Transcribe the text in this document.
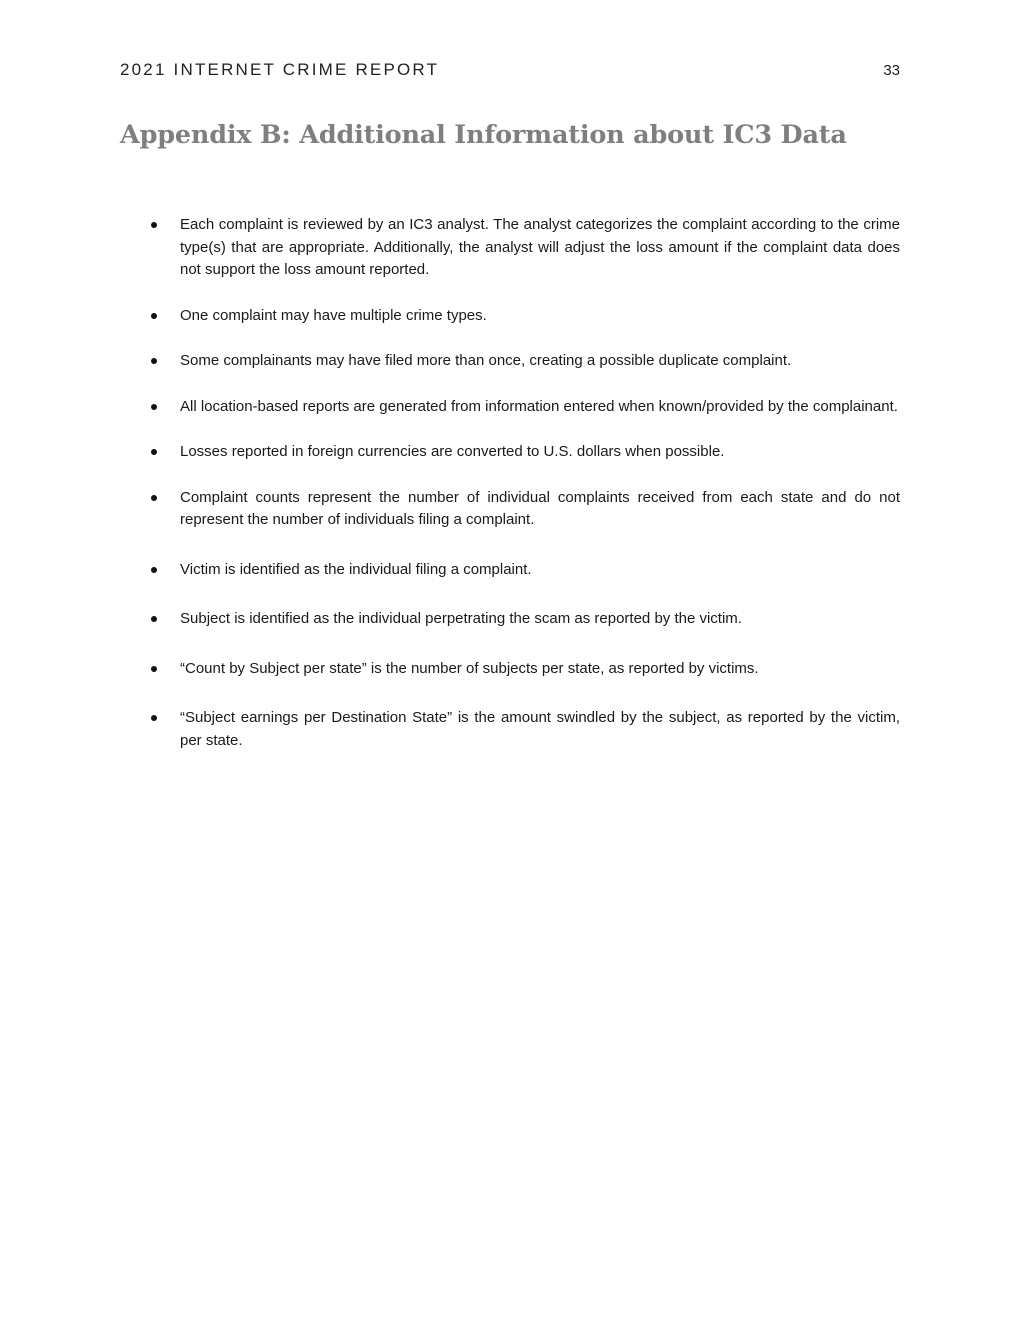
2021 INTERNET CRIME REPORT	33
Appendix B: Additional Information about IC3 Data
Each complaint is reviewed by an IC3 analyst. The analyst categorizes the complaint according to the crime type(s) that are appropriate. Additionally, the analyst will adjust the loss amount if the complaint data does not support the loss amount reported.
One complaint may have multiple crime types.
Some complainants may have filed more than once, creating a possible duplicate complaint.
All location-based reports are generated from information entered when known/provided by the complainant.
Losses reported in foreign currencies are converted to U.S. dollars when possible.
Complaint counts represent the number of individual complaints received from each state and do not represent the number of individuals filing a complaint.
Victim is identified as the individual filing a complaint.
Subject is identified as the individual perpetrating the scam as reported by the victim.
“Count by Subject per state” is the number of subjects per state, as reported by victims.
“Subject earnings per Destination State” is the amount swindled by the subject, as reported by the victim, per state.
